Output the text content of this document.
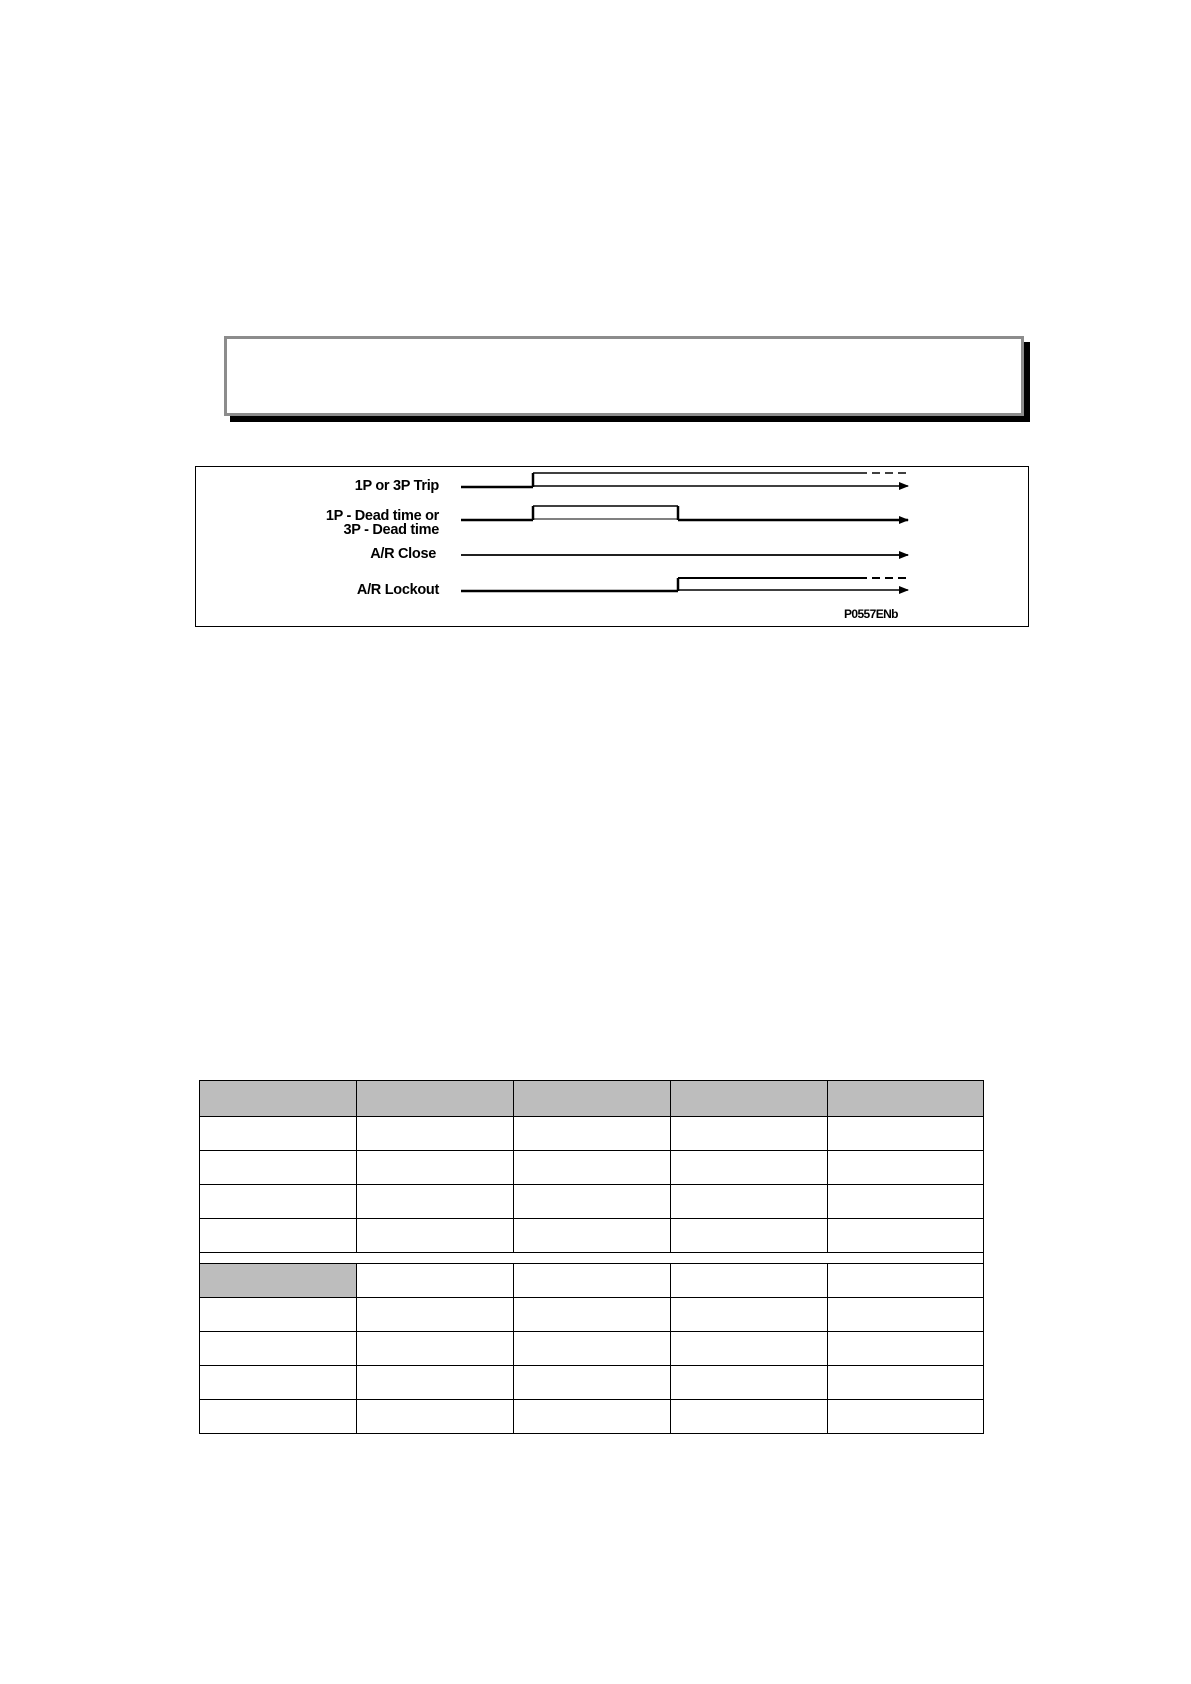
1P or 3P Trip
1P - Dead time or
3P - Dead time
A/R Close
A/R Lockout
P0557ENb
